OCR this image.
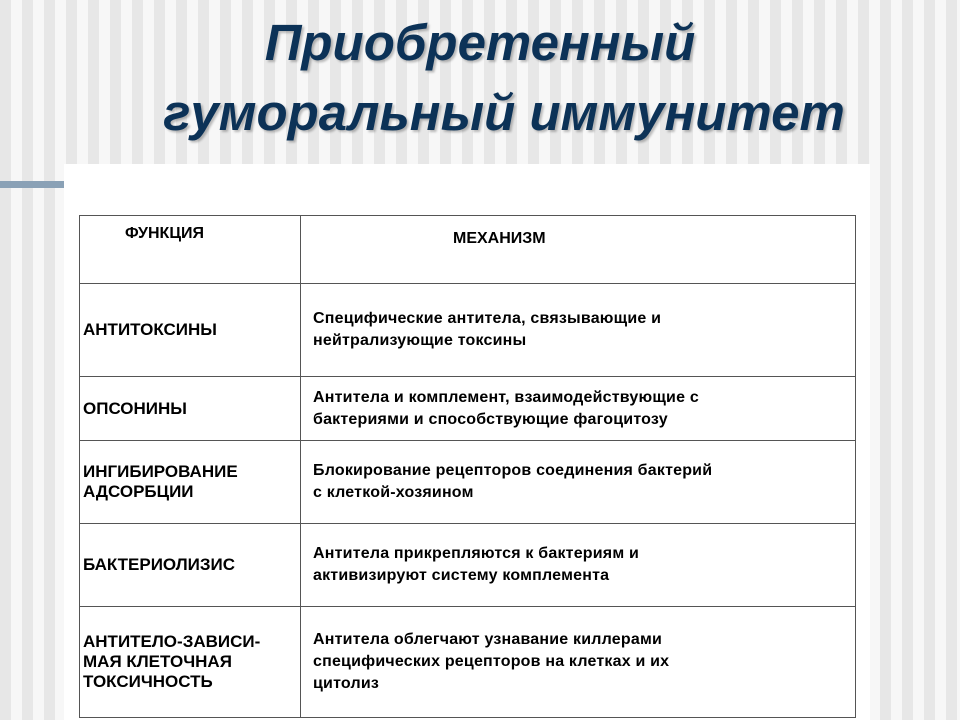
Приобретенный
гуморальный иммунитет
ФУНКЦИЯ	МЕХАНИЗМ

АНТИТОКСИНЫ	Специфические антитела, связывающие и
нейтрализующие токсины

ОПСОНИНЫ	Антитела и комплемент, взаимодействующие с
бактериями и способствующие фагоцитозу

ИНГИБИРОВАНИЕ
АДСОРБЦИИ	Блокирование рецепторов соединения бактерий
с клеткой-хозяином

БАКТЕРИОЛИЗИС	Антитела прикрепляются к бактериям и
активизируют систему комплемента

АНТИТЕЛО-ЗАВИСИ-
МАЯ КЛЕТОЧНАЯ
ТОКСИЧНОСТЬ	Антитела облегчают узнавание киллерами
специфических рецепторов на клетках и их
цитолиз
